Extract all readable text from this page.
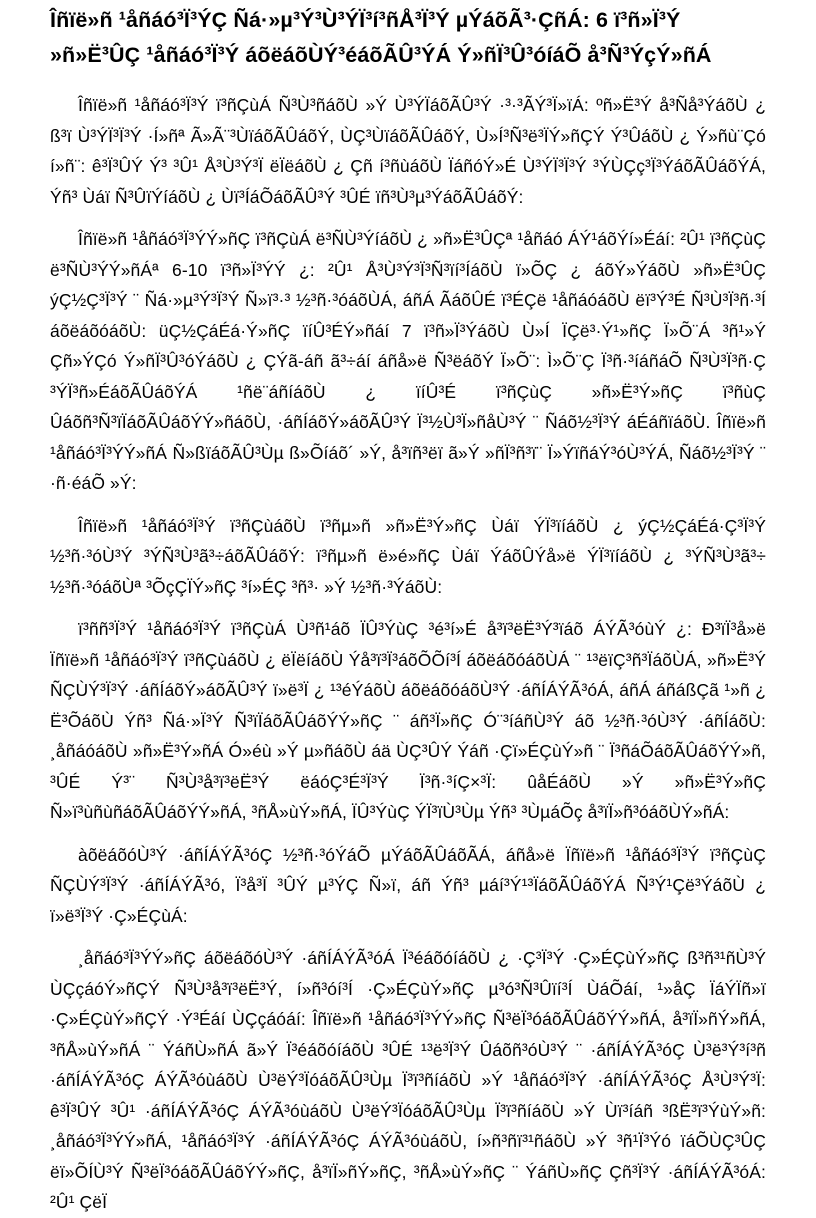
Îñïë»ñ ¹åñáó³Ï³ÝÇ Ñá·»µ³Ý³Ù³ÝÏ³í³ñÅ³Ï³Ý µÝáõÃ³·ÇñÁ: 6 ï³ñ»Ï³Ý »ñ»Ë³ÛÇ ¹åñáó³Ï³Ý áõëáõÙÝ³éáõÃÛ³ÝÁ Ý»ñÏ³Û³óíáÕ å³Ñ³ÝçÝ»ñÁ
Îñïë»ñ ¹åñáó³Ï³Ý ï³ñÇùÁ Ñ³Ù³ñáõÙ »Ý Ù³ÝÏáõÃÛ³Ý ·³·³ÃÝ³Ï»ïÁ: ºñ»Ë³Ý å³Ñå³ÝáõÙ ¿ ß³ï Ù³ÝÏ³Ï³Ý ·Í»ñª Ã»Ã¨³ÙïáõÃÛáõÝ, ÙÇ³ÙïáõÃÛáõÝ, Ù»Í³Ñ³ë³ÏÝ»ñÇÝ Ý³ÛáõÙ ¿ Ý»ñù¨Çó í»ñ¨: ê³Ï³ÛÝ Ý³ ³Û¹ Å³Ù³Ý³Ï ëÏëáõÙ ¿ Çñ í³ñùáõÙ ÏáñóÝ»É Ù³ÝÏ³Ï³Ý ³ÝÙÇç³Ï³ÝáõÃÛáõÝÁ, Ýñ³ Ùáï Ñ³ÛïÝíáõÙ ¿ Ùï³ÍáÕáõÃÛ³Ý ³ÛÉ ïñ³Ù³µ³ÝáõÃÛáõÝ:
Îñïë»ñ ¹åñáó³Ï³ÝÝ»ñÇ ï³ñÇùÁ ë³ÑÙ³ÝíáõÙ ¿ »ñ»Ë³ÛÇª ¹åñáó ÁÝ¹áõÝí»Éáí: ²Û¹ ï³ñÇùÇ ë³ÑÙ³ÝÝ»ñÁª 6-10 ï³ñ»Ï³ÝÝ ¿: ²Û¹ Å³Ù³Ý³Ï³Ñ³ïí³ÍáõÙ ï»ÕÇ ¿ áõÝ»ÝáõÙ »ñ»Ë³ÛÇ ýÇ½Ç³Ï³Ý ¨ Ñá·»µ³Ý³Ï³Ý Ñ»ï³·³ ½³ñ·³óáõÙÁ, áñÁ ÃáõÛÉ ï³ÉÇë ¹åñáóáõÙ ëï³Ý³É Ñ³Ù³Ï³ñ·³Í áõëáõóáõÙ: üÇ½ÇáÉá·Ý»ñÇ ïíÛ³ÉÝ»ñáí 7 ï³ñ»Ï³ÝáõÙ Ù»Í ÏÇë³·Ý¹»ñÇ Ï»Õ¨Á ³ñ¹»Ý Çñ»ÝÇó Ý»ñÏ³Û³óÝáõÙ ¿ ÇÝã-áñ ã³÷áí áñå»ë Ñ³ëáõÝ Ï»Õ¨: Ì»Õ¨Ç Ï³ñ·³íáñáÕ Ñ³Ù³Ï³ñ·Ç ³ÝÏ³ñ»ÉáõÃÛáõÝÁ ¹ñë¨áñíáõÙ ¿ ïíÛ³É ï³ñÇùÇ »ñ»Ë³Ý»ñÇ ï³ñùÇ Ûáõñ³Ñ³ïÏáõÃÛáõÝÝ»ñáõÙ, ·áñÍáõÝ»áõÃÛ³Ý Ï³½Ù³Ï»ñåÙ³Ý ¨ Ñáõ½³Ï³Ý áÉáñïáõÙ. Îñïë»ñ ¹åñáó³Ï³ÝÝ»ñÁ Ñ»ßïáõÃÛ³Ùµ ß»Õíáõ´ »Ý, å³ïñ³ëï ã»Ý »ñÏ³ñ³ï¨ Ï»ÝïñáÝ³óÙ³ÝÁ, Ñáõ½³Ï³Ý ¨ ·ñ·éáÕ »Ý:
Îñïë»ñ ¹åñáó³Ï³Ý ï³ñÇùáõÙ ï³ñµ»ñ »ñ»Ë³Ý»ñÇ Ùáï ÝÏ³ïíáõÙ ¿ ýÇ½ÇáÉá·Ç³Ï³Ý ½³ñ·³óÙ³Ý ³ÝÑ³Ù³ã³÷áõÃÛáõÝ: ï³ñµ»ñ ë»é»ñÇ Ùáï ÝáõÛÝå»ë ÝÏ³ïíáõÙ ¿ ³ÝÑ³Ù³ã³÷ ½³ñ·³óáõÙª ³ÕçÇÏÝ»ñÇ ³í»ÉÇ ³ñ³· »Ý ½³ñ·³ÝáõÙ:
ï³ññ³Ï³Ý ¹åñáó³Ï³Ý ï³ñÇùÁ Ù³ñ¹áõ ÏÛ³ÝùÇ ³é³í»É å³ï³ëË³Ý³ïáõ ÁÝÃ³óùÝ ¿: Ð³ïÏ³å»ë Ïñïë»ñ ¹åñáó³Ï³Ý ï³ñÇùáõÙ ¿ ëÏëíáõÙ Ýå³ï³Ï³áõÕÕí³Í áõëáõóáõÙÁ ¨ ¹³ëïÇ³ñ³ÏáõÙÁ, »ñ»Ë³Ý ÑÇÙÝ³Ï³Ý ·áñÍáõÝ»áõÃÛ³Ý ï»ë³Ï ¿ ¹³éÝáõÙ áõëáõóáõÙ³Ý ·áñÍÁÝÃ³óÁ, áñÁ áñáßÇã ¹»ñ ¿ Ë³ÕáõÙ Ýñ³ Ñá·»Ï³Ý Ñ³ïÏáõÃÛáõÝÝ»ñÇ ¨ áñ³Ï»ñÇ Ó¨³íáñÙ³Ý áõ ½³ñ·³óÙ³Ý ·áñÍáõÙ: ¸åñáóáõÙ »ñ»Ë³Ý»ñÁ Ó»éù »Ý µ»ñáõÙ áä ÙÇ³ÛÝ Ýáñ ·Çï»ÉÇùÝ»ñ ¨ Ï³ñáÕáõÃÛáõÝÝ»ñ, ³ÛÉ Ý³¨ Ñ³Ù³å³ï³ëË³Ý ëáóÇ³É³Ï³Ý Ï³ñ·³íÇ×³Ï: ûåÉáõÙ »Ý »ñ»Ë³Ý»ñÇ Ñ»ï³ùñùñáõÃÛáõÝÝ»ñÁ, ³ñÅ»ùÝ»ñÁ, ÏÛ³ÝùÇ ÝÏ³ïÙ³Ùµ Ýñ³ ³ÙµáÕç å³ïÏ»ñ³óáõÙÝ»ñÁ:
àõëáõóÙ³Ý ·áñÍÁÝÃ³óÇ ½³ñ·³óÝáÕ µÝáõÃÛáõÃÁ, áñå»ë Ïñïë»ñ ¹åñáó³Ï³Ý ï³ñÇùÇ ÑÇÙÝ³Ï³Ý ·áñÍÁÝÃ³ó, Ï³å³Ï ³ÛÝ µ³ÝÇ Ñ»ï, áñ Ýñ³ µáí³Ý¹³ÏáõÃÛáõÝÁ Ñ³Ý¹Çë³ÝáõÙ ¿ ï»ë³Ï³Ý ·Ç»ÉÇùÁ:
¸åñáó³Ï³ÝÝ»ñÇ áõëáõóÙ³Ý ·áñÍÁÝÃ³óÁ Ï³éáõóíáõÙ ¿ ·Ç³Ï³Ý ·Ç»ÉÇùÝ»ñÇ ß³ñ³¹ñÙ³Ý ÙÇçáóÝ»ñÇÝ Ñ³Ù³å³ï³ëË³Ý, í»ñ³óí³Í ·Ç»ÉÇùÝ»ñÇ µ³ó³Ñ³Ûïí³Í ÙáÕáí, ¹»åÇ ÏáÝÏñ»ï ·Ç»ÉÇùÝ»ñÇÝ ·Ý³Éáí ÙÇçáóáí: Îñïë»ñ ¹åñáó³Ï³ÝÝ»ñÇ Ñ³ëÏ³óáõÃÛáõÝÝ»ñÁ, å³ïÏ»ñÝ»ñÁ, ³ñÅ»ùÝ»ñÁ ¨ ÝáñÙ»ñÁ ã»Ý Ï³éáõóíáõÙ ³ÛÉ ¹³ë³Ï³Ý Ûáõñ³óÙ³Ý ¨ ·áñÍÁÝÃ³óÇ Ù³ë³Ý³í³ñ ·áñÍÁÝÃ³óÇ ÁÝÃ³óùáõÙ Ù³ëÝ³ÏóáõÃÛ³Ùµ Ï³ï³ñíáõÙ »Ý ¹åñáó³Ï³Ý ·áñÍÁÝÃ³óÇ Å³Ù³Ý³Ï: ê³Ï³ÛÝ ³Û¹ ·áñÍÁÝÃ³óÇ ÁÝÃ³óùáõÙ Ù³ëÝ³ÏóáõÃÛ³Ùµ Ï³ï³ñíáõÙ »Ý Ùï³íáñ ³ßË³ï³ÝùÝ»ñ: ¸åñáó³Ï³ÝÝ»ñÁ, ¹åñáó³Ï³Ý ·áñÍÁÝÃ³óÇ ÁÝÃ³óùáõÙ, í»ñ³ñï³¹ñáõÙ »Ý ³ñ¹Ï³Ýó ïáÕÙÇ³ÛÇ ëï»ÕÍÙ³Ý Ñ³ëÏ³óáõÃÛáõÝÝ»ñÇ, å³ïÏ»ñÝ»ñÇ, ³ñÅ»ùÝ»ñÇ ¨ ÝáñÙ»ñÇ Çñ³Ï³Ý ·áñÍÁÝÃ³óÁ: ²Û¹ ÇëÏ
